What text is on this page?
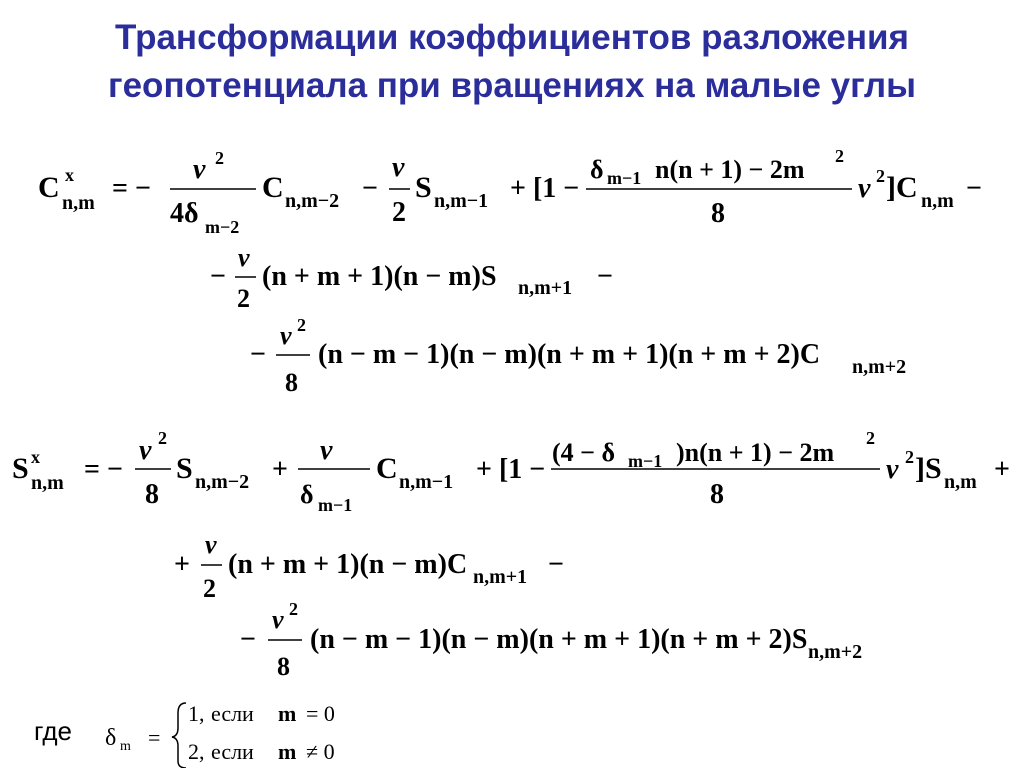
Трансформации коэффициентов разложения
геопотенциала при вращениях на малые углы
C x
n,m = −
ν 2
4δ m−2
C n,m−2 −
ν
2
S n,m−1 + [1 −
δ m−1 n(n + 1) − 2m 2
8
ν 2 ]C n,m −
−
ν
2
(n + m + 1)(n − m)S n,m+1 −
−
ν 2
8
(n − m − 1)(n − m)(n + m + 1)(n + m + 2)C n,m+2
S x
n,m = −
ν 2
8
S n,m−2 +
ν
δ m−1
C n,m−1 + [1 −
(4 − δ m−1 )n(n + 1) − 2m 2
8
ν 2 ]S n,m +
+
ν
2
(n + m + 1)(n − m)C n,m+1 −
−
ν 2
8
(n − m − 1)(n − m)(n + m + 1)(n + m + 2)S n,m+2
δ m =
1, если m = 0
2, если m ≠ 0
где
